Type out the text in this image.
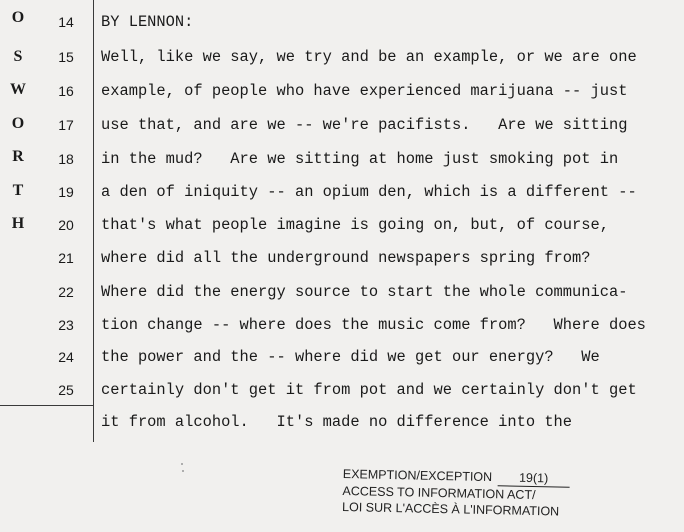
O
S
W
O
R
T
H
14
15
16
17
18
19
20
21
22
23
24
25
BY LENNON:
Well, like we say, we try and be an example, or we are one
example, of people who have experienced marijuana -- just
use that, and are we -- we're pacifists.   Are we sitting
in the mud?   Are we sitting at home just smoking pot in
a den of iniquity -- an opium den, which is a different --
that's what people imagine is going on, but, of course,
where did all the underground newspapers spring from?
Where did the energy source to start the whole communica-
tion change -- where does the music come from?   Where does
the power and the -- where did we get our energy?   We
certainly don't get it from pot and we certainly don't get
it from alcohol.   It's made no difference into the
EXEMPTION/EXCEPTION 19(1)
ACCESS TO INFORMATION ACT/
LOI SUR L'ACCÈS À L'INFORMATION
